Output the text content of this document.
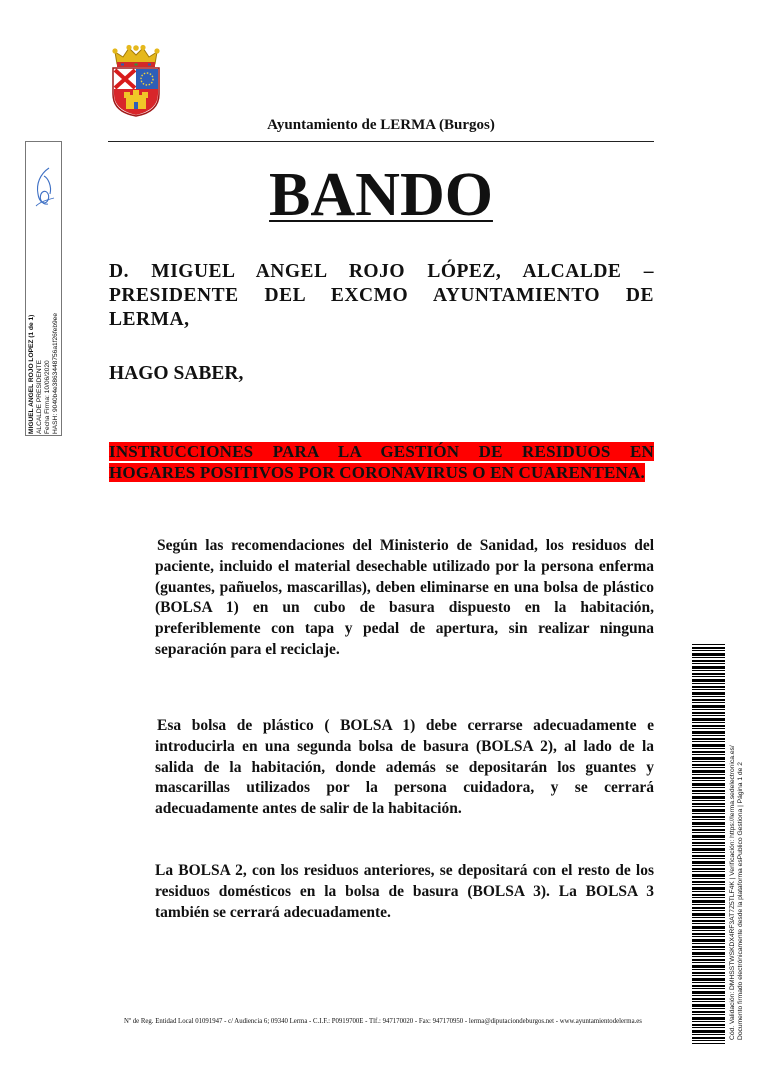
Ayuntamiento de LERMA (Burgos)
BANDO
D. MIGUEL ANGEL ROJO LÓPEZ, ALCALDE –PRESIDENTE DEL EXCMO AYUNTAMIENTO DE LERMA,
HAGO SABER,
INSTRUCCIONES PARA LA GESTIÓN DE RESIDUOS EN HOGARES POSITIVOS POR CORONAVIRUS O EN CUARENTENA.
Según las recomendaciones del Ministerio de Sanidad, los residuos del paciente, incluido el material desechable utilizado por la persona enferma (guantes, pañuelos, mascarillas), deben eliminarse en una bolsa de plástico (BOLSA 1) en un cubo de basura dispuesto en la habitación, preferiblemente con tapa y pedal de apertura, sin realizar ninguna separación para el reciclaje.
Esa bolsa de plástico ( BOLSA 1) debe cerrarse adecuadamente e introducirla en una segunda bolsa de basura (BOLSA 2), al lado de la salida de la habitación, donde además se depositarán los guantes y mascarillas utilizados por la persona cuidadora, y se cerrará adecuadamente antes de salir de la habitación.
La BOLSA 2, con los residuos anteriores, se depositará con el resto de los residuos domésticos en la bolsa de basura (BOLSA 3). La BOLSA 3 también se cerrará adecuadamente.
Nº de Reg. Entidad Local 01091947 - c/ Audiencia 6; 09340 Lerma - C.I.F.: P0919700E - Tlf.: 947170020 - Fax: 947170950 - lerma@diputaciondeburgos.net - www.ayuntamientodelerma.es
MIGUEL ANGEL ROJO LOPEZ (1 de 1) ALCALDE PRESIDENTE Fecha Firma: 10/06/2020 HASH: 9040b4e3863448756a1f26feb9ee
Cód. Validación: DMHSSTWSKDX4RF3AT7Z5TLF4K | Verificación: https://lerma.sedelectronica.es/ Documento firmado electrónicamente desde la plataforma esPublico Gestiona | Página 1 de 2
